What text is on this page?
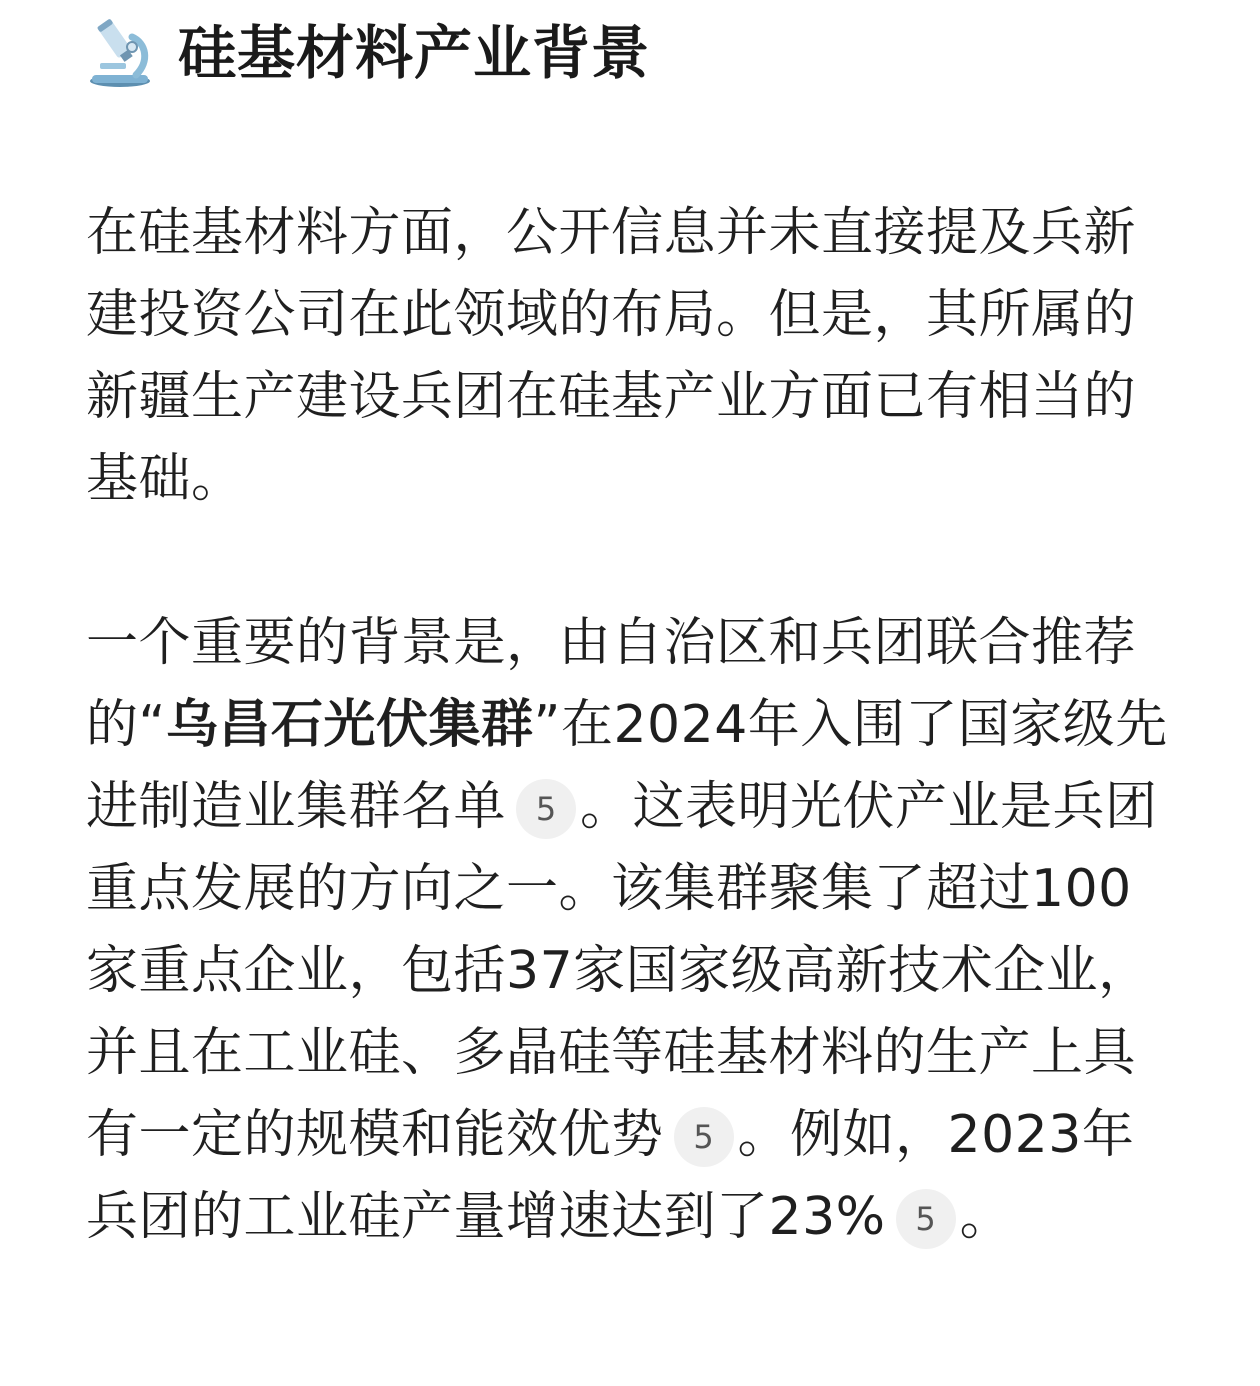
硅基材料产业背景

在硅基材料方面，公开信息并未直接提及兵新建投资公司在此领域的布局。但是，其所属的新疆生产建设兵团在硅基产业方面已有相当的基础。

一个重要的背景是，由自治区和兵团联合推荐的“乌昌石光伏集群”在2024年入围了国家级先进制造业集群名单 5 。这表明光伏产业是兵团重点发展的方向之一。该集群聚集了超过100家重点企业，包括37家国家级高新技术企业，并且在工业硅、多晶硅等硅基材料的生产上具有一定的规模和能效优势 5 。例如，2023年兵团的工业硅产量增速达到了23% 5 。
